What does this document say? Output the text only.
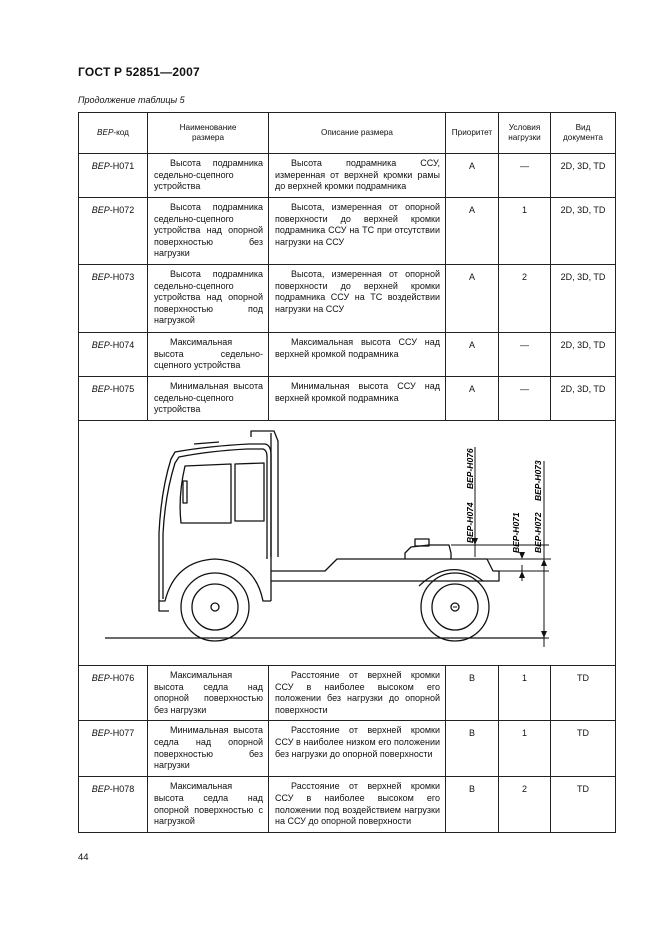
ГОСТ Р 52851—2007
Продолжение таблицы 5
BEP-код	Наименование размера	Описание размера	Приоритет	Условия нагрузки	Вид документа
BEP-H071	Высота подрамника седельно-сцепного устройства	Высота подрамника ССУ, измеренная от верхней кромки рамы до верхней кромки подрамника	A	—	2D, 3D, TD
BEP-H072	Высота подрамника седельно-сцепного устройства над опорной поверхностью без нагрузки	Высота, измеренная от опорной поверхности до верхней кромки подрамника ССУ на ТС при отсутствии нагрузки на ССУ	A	1	2D, 3D, TD
BEP-H073	Высота подрамника седельно-сцепного устройства над опорной поверхностью под нагрузкой	Высота, измеренная от опорной поверхности до верхней кромки подрамника ССУ на ТС воздействии нагрузки на ССУ	A	2	2D, 3D, TD
BEP-H074	Максимальная высота седельно-сцепного устройства	Максимальная высота ССУ над верхней кромкой подрамника	A	—	2D, 3D, TD
BEP-H075	Минимальная высота седельно-сцепного устройства	Минимальная высота ССУ над верхней кромкой подрамника	A	—	2D, 3D, TD

BEP-H074
BEP-H076
BEP-H071 BEP-H072
BEP-H073					

BEP-H076	Максимальная высота седла над опорной поверхностью без нагрузки	Расстояние от верхней кромки ССУ в наиболее высоком его положении без нагрузки до опорной поверхности	B	1	TD
BEP-H077	Минимальная высота седла над опорной поверхностью без нагрузки	Расстояние от верхней кромки ССУ в наиболее низком его положении без нагрузки до опорной поверхности	B	1	TD
BEP-H078	Максимальная высота седла над опорной поверхностью с нагрузкой	Расстояние от верхней кромки ССУ в наиболее высоком его положении под воздействием нагрузки на ССУ до опорной поверхности	B	2	TD
44
